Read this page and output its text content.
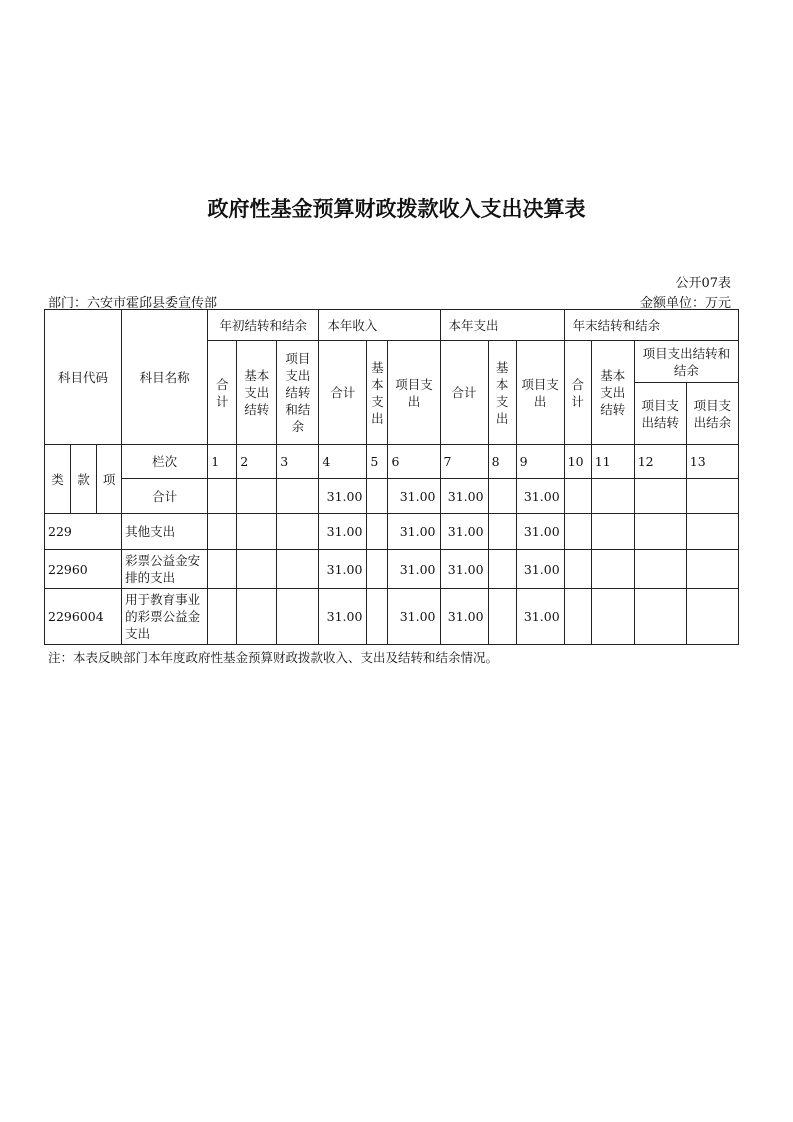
政府性基金预算财政拨款收入支出决算表
公开07表
部门：六安市霍邱县委宣传部	金额单位：万元
科目代码			科目名称	年初结转和结余			本年收入			本年支出			年末结转和结余			
				合计	基本支出结转	项目支出结转和结余	合计	基本支出	项目支出	合计	基本支出	项目支出	合计	基本支出结转	项目支出结转和结余	
															项目支出结转	项目支出结余
类	款	项	栏次	1	2	3	4	5	6	7	8	9	10	11	12	13
			合计				31.00		31.00	31.00		31.00				
229			其他支出				31.00		31.00	31.00		31.00				
22960			彩票公益金安排的支出				31.00		31.00	31.00		31.00				
2296004			用于教育事业的彩票公益金支出				31.00		31.00	31.00		31.00				
注：本表反映部门本年度政府性基金预算财政拨款收入、支出及结转和结余情况。
